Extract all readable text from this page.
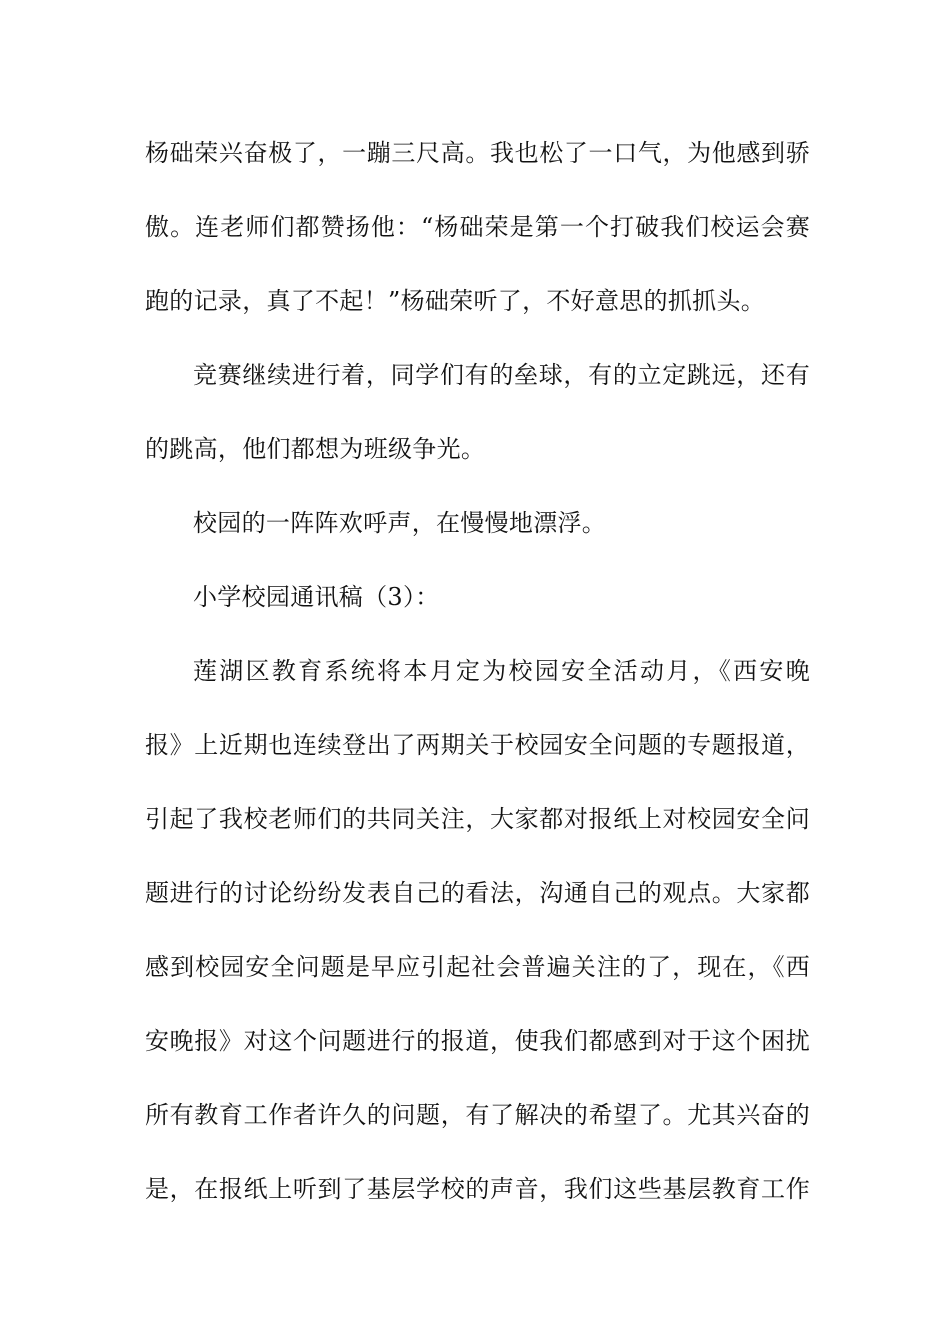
杨础荣兴奋极了，一蹦三尺高。我也松了一口气，为他感到骄
傲。连老师们都赞扬他：“杨础荣是第一个打破我们校运会赛
跑的记录，真了不起！”杨础荣听了，不好意思的抓抓头。
竞赛继续进行着，同学们有的垒球，有的立定跳远，还有
的跳高，他们都想为班级争光。
校园的一阵阵欢呼声，在慢慢地漂浮。
小学校园通讯稿（3）：
莲湖区教育系统将本月定为校园安全活动月，《西安晚
报》上近期也连续登出了两期关于校园安全问题的专题报道，
引起了我校老师们的共同关注，大家都对报纸上对校园安全问
题进行的讨论纷纷发表自己的看法，沟通自己的观点。大家都
感到校园安全问题是早应引起社会普遍关注的了，现在，《西
安晚报》对这个问题进行的报道，使我们都感到对于这个困扰
所有教育工作者许久的问题，有了解决的希望了。尤其兴奋的
是，在报纸上听到了基层学校的声音，我们这些基层教育工作
